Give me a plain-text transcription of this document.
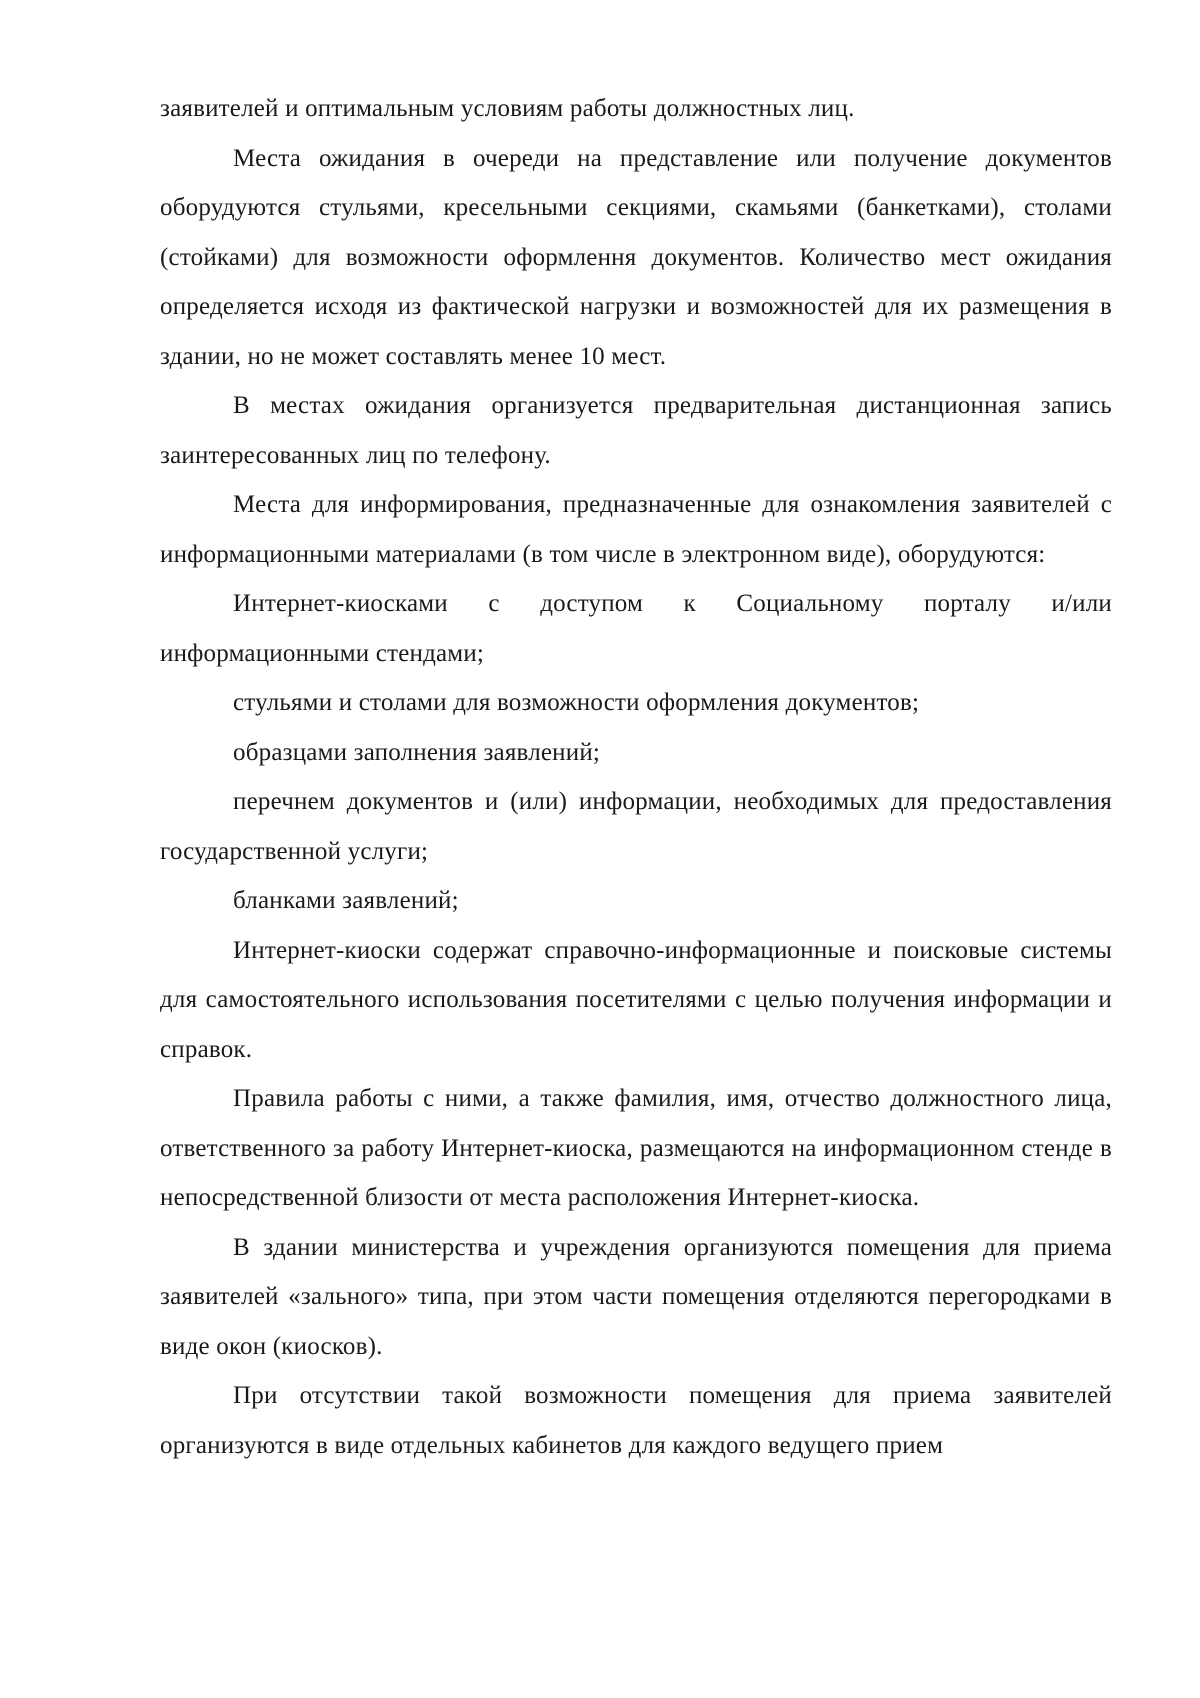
заявителей и оптимальным условиям работы должностных лиц.

Места ожидания в очереди на представление или получение документов оборудуются стульями, кресельными секциями, скамьями (банкетками), столами (стойками) для возможности оформлення документов. Количество мест ожидания определяется исходя из фактической нагрузки и возможностей для их размещения в здании, но не может составлять менее 10 мест.

В местах ожидания организуется предварительная дистанционная запись заинтересованных лиц по телефону.

Места для информирования, предназначенные для ознакомления заявителей с информационными материалами (в том числе в электронном виде), оборудуются:

Интернет-киосками с доступом к Социальному порталу и/или информационными стендами;

стульями и столами для возможности оформления документов;

образцами заполнения заявлений;

перечнем документов и (или) информации, необходимых для предоставления государственной услуги;

бланками заявлений;

Интернет-киоски содержат справочно-информационные и поисковые системы для самостоятельного использования посетителями с целью получения информации и справок.

Правила работы с ними, а также фамилия, имя, отчество должностного лица, ответственного за работу Интернет-киоска, размещаются на информационном стенде в непосредственной близости от места расположения Интернет-киоска.

В здании министерства и учреждения организуются помещения для приема заявителей «зального» типа, при этом части помещения отделяются перегородками в виде окон (киосков).

При отсутствии такой возможности помещения для приема заявителей организуются в виде отдельных кабинетов для каждого ведущего прием
